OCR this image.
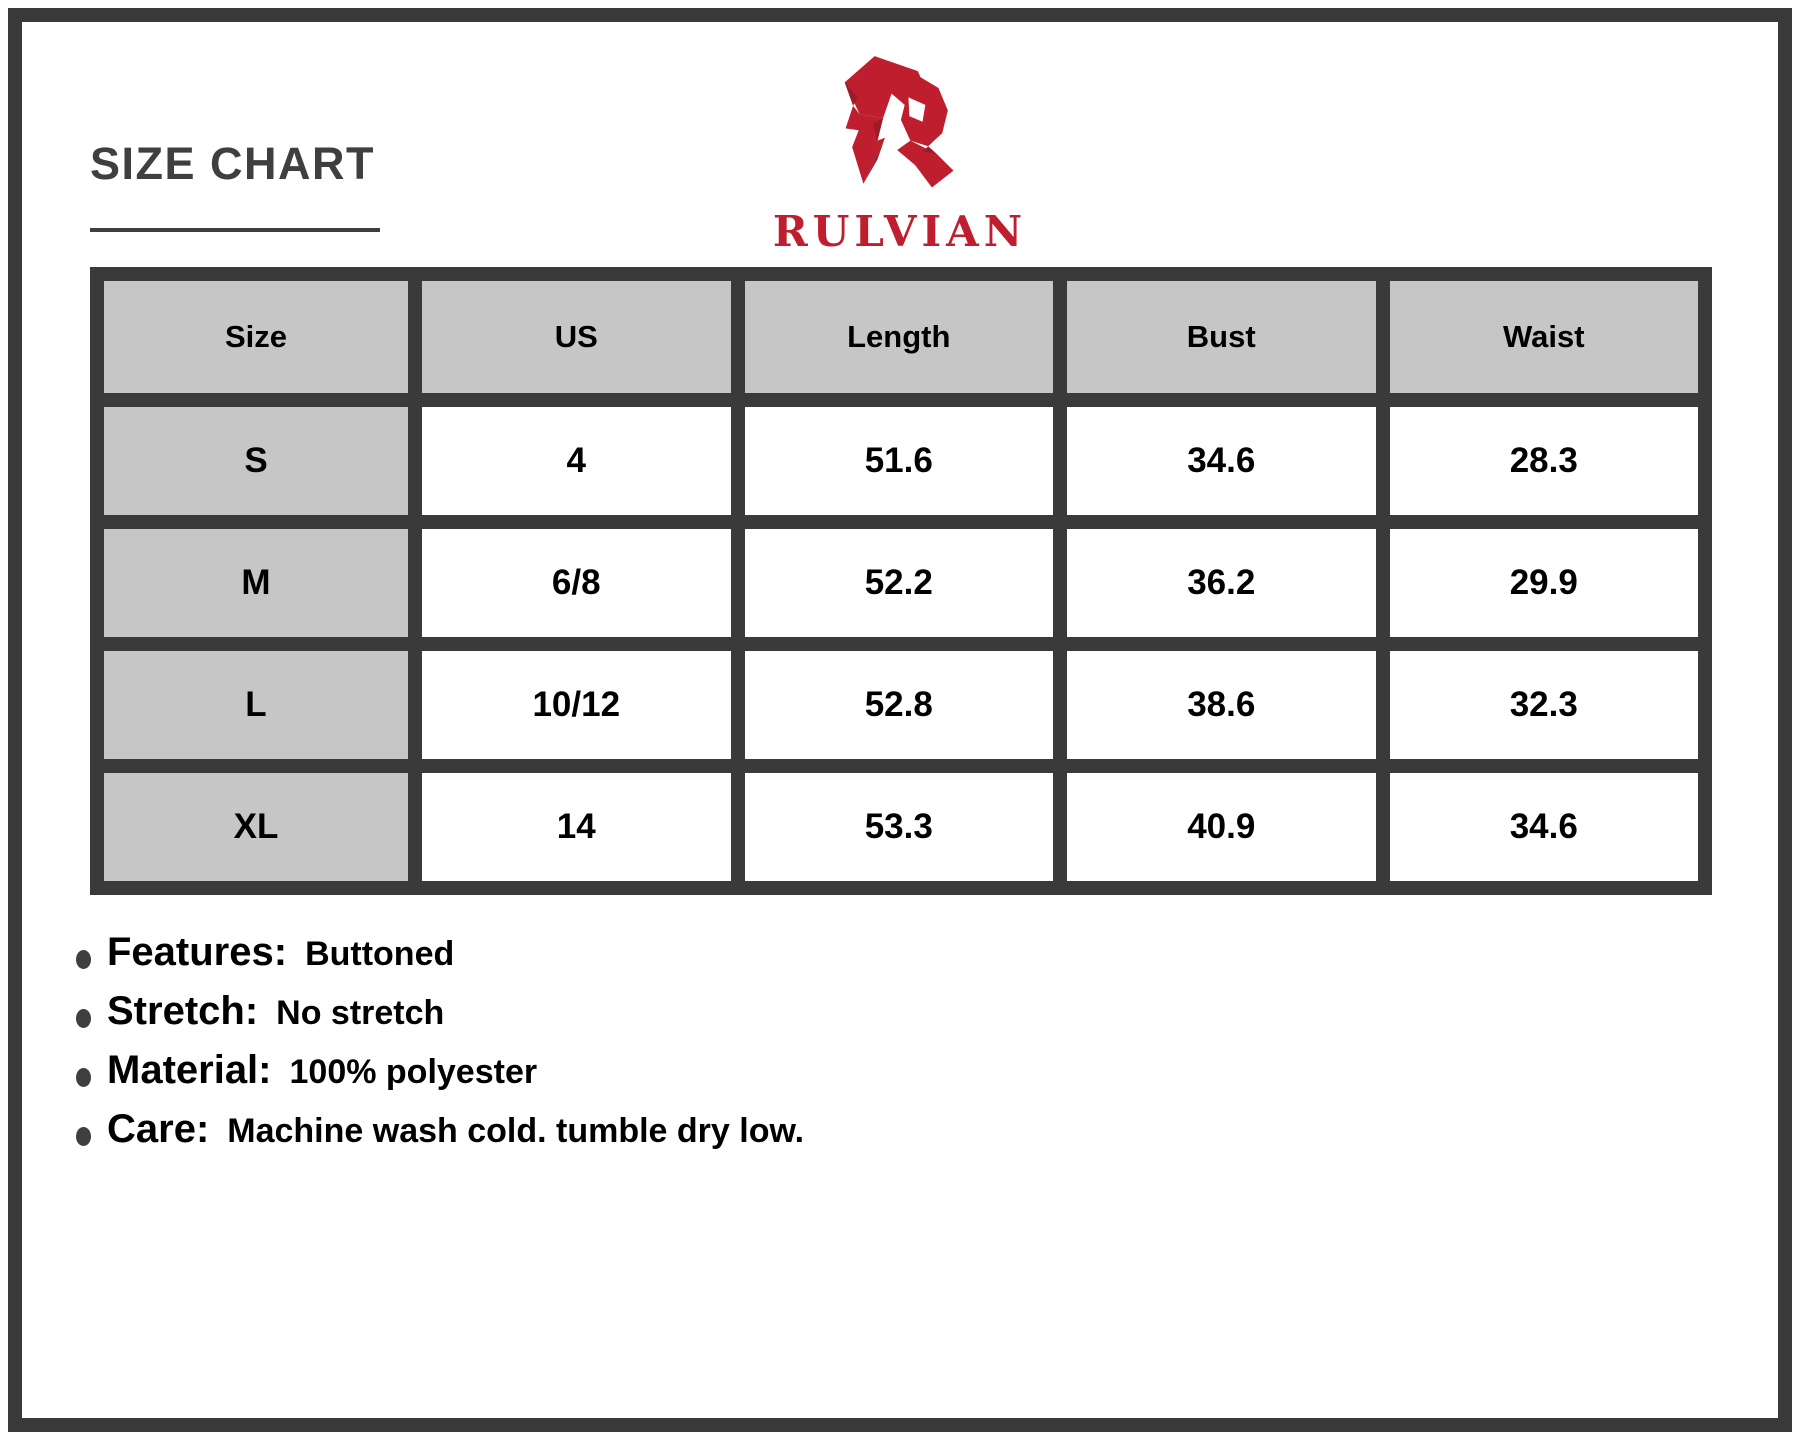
SIZE CHART
RULVIAN
Size	US	Length	Bust	Waist
S	4	51.6	34.6	28.3
M	6/8	52.2	36.2	29.9
L	10/12	52.8	38.6	32.3
XL	14	53.3	40.9	34.6
Features: Buttoned
Stretch: No stretch
Material: 100% polyester
Care: Machine wash cold. tumble dry low.
